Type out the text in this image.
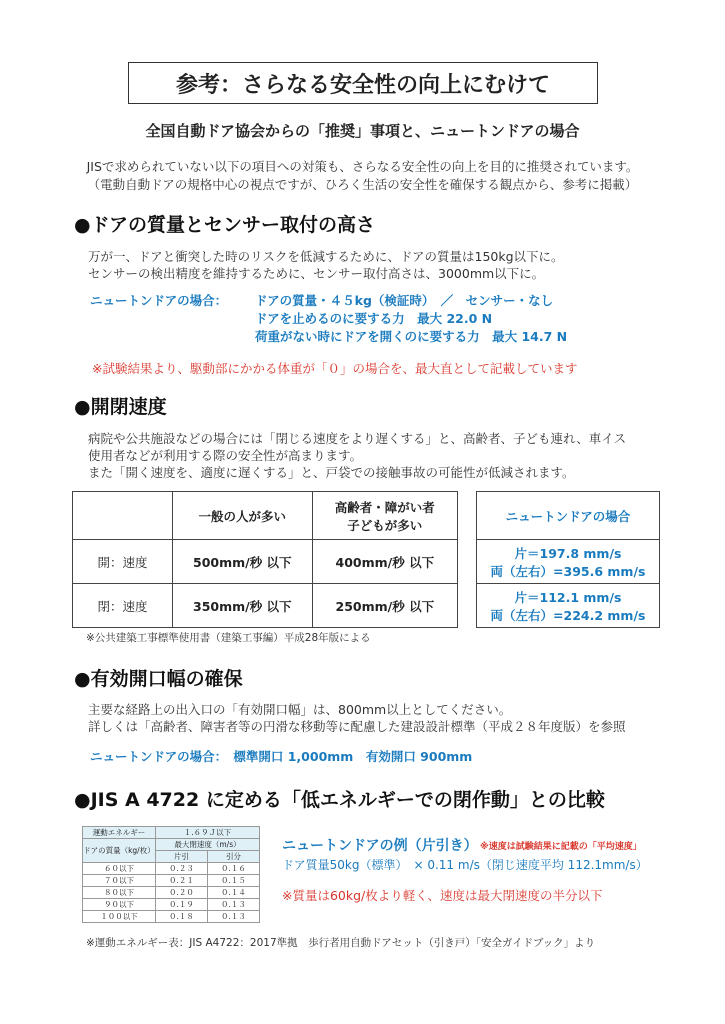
参考：さらなる安全性の向上にむけて
全国自動ドア協会からの「推奨」事項と、ニュートンドアの場合
JISで求められていない以下の項目への対策も、さらなる安全性の向上を目的に推奨されています。
（電動自動ドアの規格中心の視点ですが、ひろく生活の安全性を確保する観点から、参考に掲載）
●ドアの質量とセンサー取付の高さ
万が一、ドアと衝突した時のリスクを低減するために、ドアの質量は150kg以下に。
センサーの検出精度を維持するために、センサー取付高さは、3000mm以下に。
ニュートンドアの場合： ドアの質量・４５kg（検証時）　／　センサー・なし
ドアを止めるのに要する力　最大 22.0 N
荷重がない時にドアを開くのに要する力　最大 14.7 N
※試験結果より、駆動部にかかる体重が「０」の場合を、最大直として記載しています
●開閉速度
病院や公共施設などの場合には「閉じる速度をより遅くする」と、高齢者、子ども連れ、車イス
使用者などが利用する際の安全性が高まります。
また「開く速度を、適度に遅くする」と、戸袋での接触事故の可能性が低減されます。
	一般の人が多い	高齢者・障がい者
子どもが多い

開：速度	500mm/秒 以下	400mm/秒 以下
閉：速度	350mm/秒 以下	250mm/秒 以下
ニュートンドアの場合

片＝197.8 mm/s
両（左右）=395.6 mm/s

片＝112.1 mm/s
両（左右）=224.2 mm/s
※公共建築工事標準使用書（建築工事編）平成28年版による
●有効開口幅の確保
主要な経路上の出入口の「有効開口幅」は、800mm以上としてください。
詳しくは「高齢者、障害者等の円滑な移動等に配慮した建設設計標準（平成２８年度版）を参照
ニュートンドアの場合：　標準開口 1,000mm　有効開口 900mm
●JIS A 4722 に定める「低エネルギーでの閉作動」との比較
運動エネルギー	１.６９Ｊ以下	
ドアの質量（kg/枚）	最大閉速度（m/s）	
	片引	引分
６０以下	０.２３	０.１６
７０以下	０.２１	０.１５
８０以下	０.２０	０.１４
９０以下	０.１９	０.１３
１００以下	０.１８	０.１３
ニュートンドアの例（片引き） ※速度は試験結果に記載の「平均速度」
ドア質量50kg（標準）　× 0.11 m/s（閉じ速度平均 112.1mm/s）
※質量は60kg/枚より軽く、速度は最大閉速度の半分以下
※運動エネルギー表：JIS A4722：2017準拠　歩行者用自動ドアセット（引き戸）「安全ガイドブック」より
